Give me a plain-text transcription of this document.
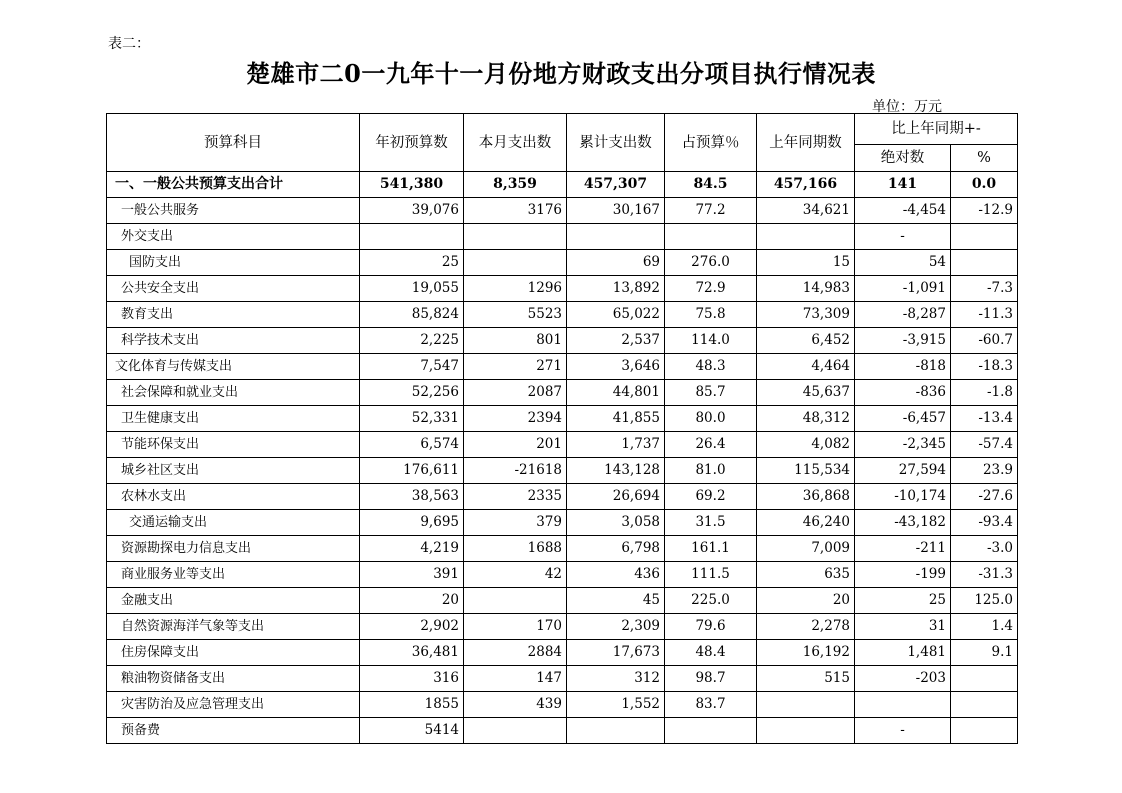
表二：
楚雄市二0一九年十一月份地方财政支出分项目执行情况表
单位：万元
预算科目	年初预算数	本月支出数	累计支出数	占预算％	上年同期数	比上年同期+-	
						绝对数	%
一、一般公共预算支出合计	541,380	8,359	457,307	84.5	457,166	141	0.0
一般公共服务	39,076	3176	30,167	77.2	34,621	-4,454	-12.9
外交支出						-	
国防支出	25		69	276.0	15	54	
公共安全支出	19,055	1296	13,892	72.9	14,983	-1,091	-7.3
教育支出	85,824	5523	65,022	75.8	73,309	-8,287	-11.3
科学技术支出	2,225	801	2,537	114.0	6,452	-3,915	-60.7
文化体育与传媒支出	7,547	271	3,646	48.3	4,464	-818	-18.3
社会保障和就业支出	52,256	2087	44,801	85.7	45,637	-836	-1.8
卫生健康支出	52,331	2394	41,855	80.0	48,312	-6,457	-13.4
节能环保支出	6,574	201	1,737	26.4	4,082	-2,345	-57.4
城乡社区支出	176,611	-21618	143,128	81.0	115,534	27,594	23.9
农林水支出	38,563	2335	26,694	69.2	36,868	-10,174	-27.6
交通运输支出	9,695	379	3,058	31.5	46,240	-43,182	-93.4
资源勘探电力信息支出	4,219	1688	6,798	161.1	7,009	-211	-3.0
商业服务业等支出	391	42	436	111.5	635	-199	-31.3
金融支出	20		45	225.0	20	25	125.0
自然资源海洋气象等支出	2,902	170	2,309	79.6	2,278	31	1.4
住房保障支出	36,481	2884	17,673	48.4	16,192	1,481	9.1
粮油物资储备支出	316	147	312	98.7	515	-203	
灾害防治及应急管理支出	1855	439	1,552	83.7			
预备费	5414					-	
